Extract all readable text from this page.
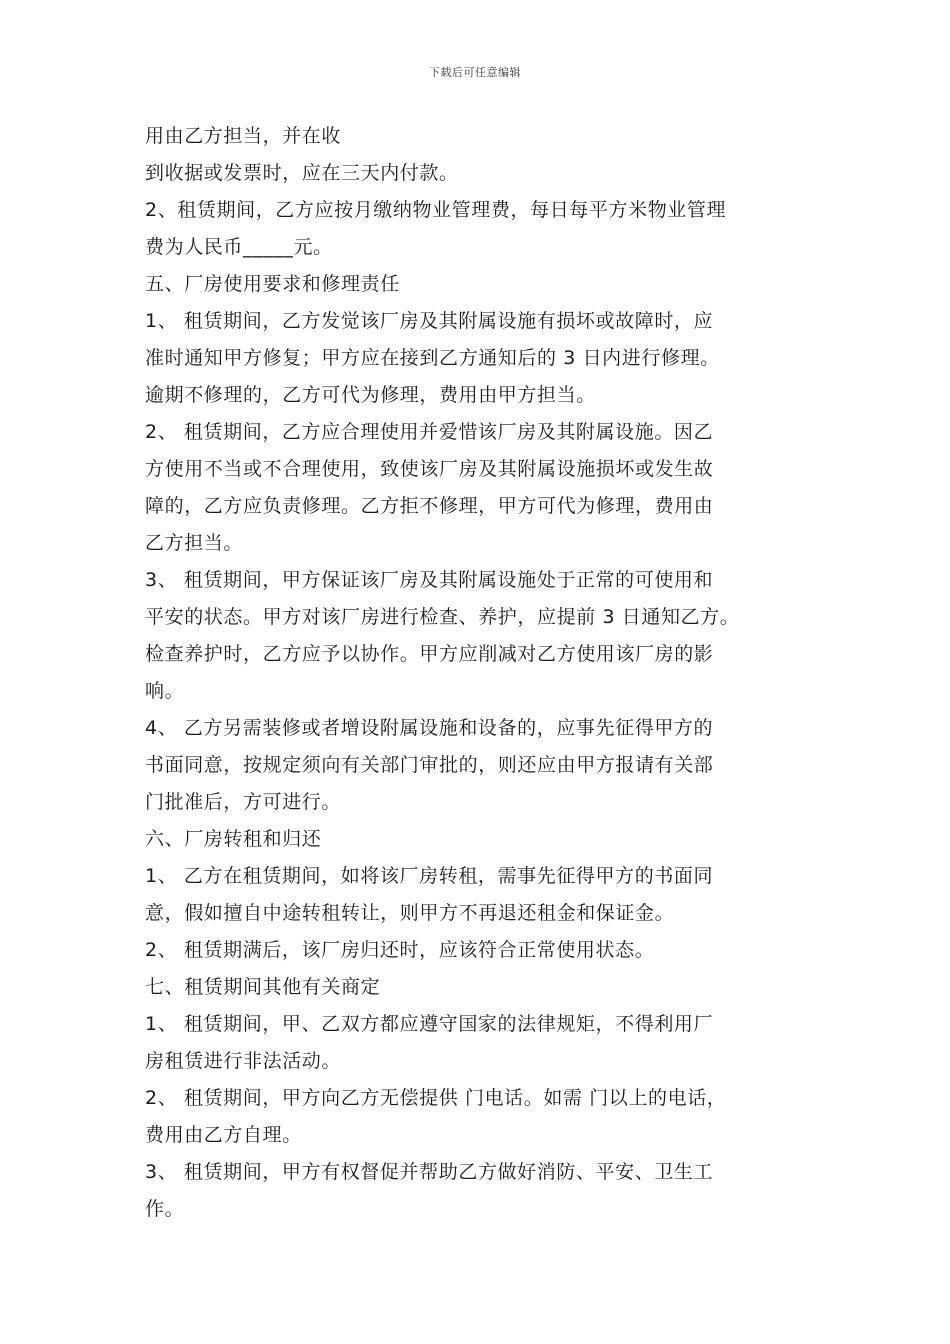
下载后可任意编辑
用由乙方担当，并在收
到收据或发票时，应在三天内付款。
2、租赁期间，乙方应按月缴纳物业管理费，每日每平方米物业管理
费为人民币_____元。
五、厂房使用要求和修理责任
1、 租赁期间，乙方发觉该厂房及其附属设施有损坏或故障时，应
准时通知甲方修复；甲方应在接到乙方通知后的 3 日内进行修理。
逾期不修理的，乙方可代为修理，费用由甲方担当。
2、 租赁期间，乙方应合理使用并爱惜该厂房及其附属设施。因乙
方使用不当或不合理使用，致使该厂房及其附属设施损坏或发生故
障的，乙方应负责修理。乙方拒不修理，甲方可代为修理，费用由
乙方担当。
3、 租赁期间，甲方保证该厂房及其附属设施处于正常的可使用和
平安的状态。甲方对该厂房进行检查、养护，应提前 3 日通知乙方。
检查养护时，乙方应予以协作。甲方应削减对乙方使用该厂房的影
响。
4、 乙方另需装修或者增设附属设施和设备的，应事先征得甲方的
书面同意，按规定须向有关部门审批的，则还应由甲方报请有关部
门批准后，方可进行。
六、厂房转租和归还
1、 乙方在租赁期间，如将该厂房转租，需事先征得甲方的书面同
意，假如擅自中途转租转让，则甲方不再退还租金和保证金。
2、 租赁期满后，该厂房归还时，应该符合正常使用状态。
七、租赁期间其他有关商定
1、 租赁期间，甲、乙双方都应遵守国家的法律规矩，不得利用厂
房租赁进行非法活动。
2、 租赁期间，甲方向乙方无偿提供 门电话。如需 门以上的电话，
费用由乙方自理。
3、 租赁期间，甲方有权督促并帮助乙方做好消防、平安、卫生工
作。
